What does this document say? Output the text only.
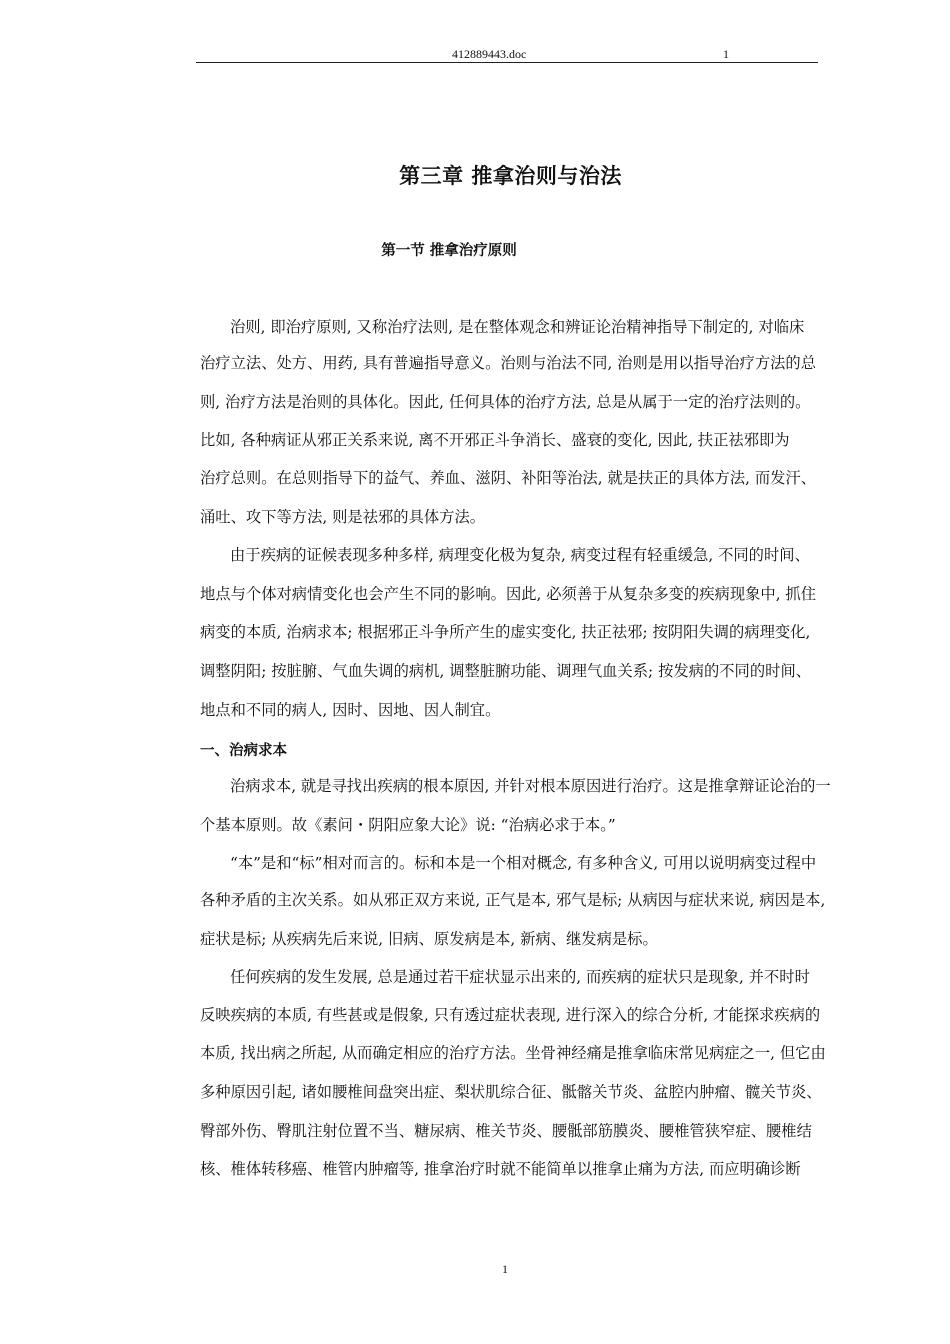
412889443.doc	1
第三章 推拿治则与治法
第一节 推拿治疗原则
治则, 即治疗原则, 又称治疗法则, 是在整体观念和辨证论治精神指导下制定的, 对临床
治疗立法、处方、用药, 具有普遍指导意义。治则与治法不同, 治则是用以指导治疗方法的总
则, 治疗方法是治则的具体化。因此, 任何具体的治疗方法, 总是从属于一定的治疗法则的。
比如, 各种病证从邪正关系来说, 离不开邪正斗争消长、盛衰的变化, 因此, 扶正祛邪即为
治疗总则。在总则指导下的益气、养血、滋阴、补阳等治法, 就是扶正的具体方法, 而发汗、
涌吐、攻下等方法, 则是祛邪的具体方法。
由于疾病的证候表现多种多样, 病理变化极为复杂, 病变过程有轻重缓急, 不同的时间、
地点与个体对病情变化也会产生不同的影响。因此, 必须善于从复杂多变的疾病现象中, 抓住
病变的本质, 治病求本; 根据邪正斗争所产生的虚实变化, 扶正祛邪; 按阴阳失调的病理变化,
调整阴阳; 按脏腑、气血失调的病机, 调整脏腑功能、调理气血关系; 按发病的不同的时间、
地点和不同的病人, 因时、因地、因人制宜。
一、治病求本
治病求本, 就是寻找出疾病的根本原因, 并针对根本原因进行治疗。这是推拿辩证论治的一
个基本原则。故《素问・阴阳应象大论》说: “治病必求于本。”
“本”是和“标”相对而言的。标和本是一个相对概念, 有多种含义, 可用以说明病变过程中
各种矛盾的主次关系。如从邪正双方来说, 正气是本, 邪气是标; 从病因与症状来说, 病因是本,
症状是标; 从疾病先后来说, 旧病、原发病是本, 新病、继发病是标。
任何疾病的发生发展, 总是通过若干症状显示出来的, 而疾病的症状只是现象, 并不时时
反映疾病的本质, 有些甚或是假象, 只有透过症状表现, 进行深入的综合分析, 才能探求疾病的
本质, 找出病之所起, 从而确定相应的治疗方法。坐骨神经痛是推拿临床常见病症之一, 但它由
多种原因引起, 诸如腰椎间盘突出症、梨状肌综合征、骶髂关节炎、盆腔内肿瘤、髋关节炎、
臀部外伤、臀肌注射位置不当、糖尿病、椎关节炎、腰骶部筋膜炎、腰椎管狭窄症、腰椎结
核、椎体转移癌、椎管内肿瘤等, 推拿治疗时就不能简单以推拿止痛为方法, 而应明确诊断
1
